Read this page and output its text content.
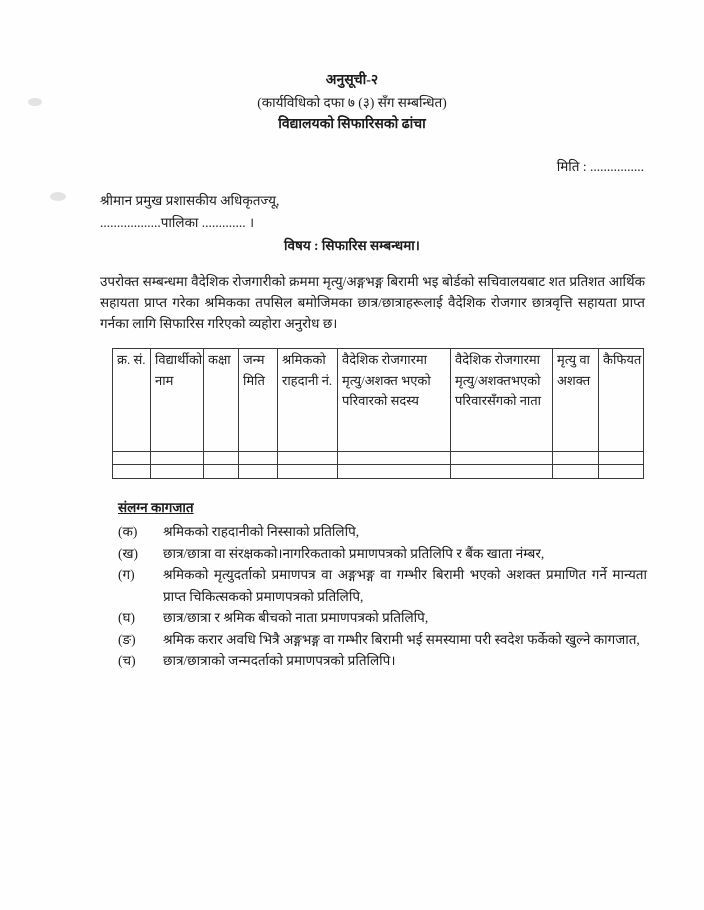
अनुसूची-२
(कार्यविधिको दफा ७ (३) सँग सम्बन्धित)
विद्यालयको सिफारिसको ढांचा
मिति : ................
श्रीमान प्रमुख प्रशासकीय अधिकृतज्यू,
..................पालिका ............. ।
विषय : सिफारिस सम्बन्धमा।
उपरोक्त सम्बन्धमा वैदेशिक रोजगारीको क्रममा मृत्यु/अङ्गभङ्ग बिरामी भइ बोर्डको सचिवालयबाट शत प्रतिशत आर्थिक सहायता प्राप्त गरेका श्रमिकका तपसिल बमोजिमका छात्र/छात्राहरूलाई वैदेशिक रोजगार छात्रवृत्ति सहायता प्राप्त गर्नका लागि सिफारिस गरिएको व्यहोरा अनुरोध छ।
क्र. सं.	विद्यार्थीको नाम	कक्षा	जन्म मिति	श्रमिकको राहदानी नं.	वैदेशिक रोजगारमा मृत्यु/अशक्त भएको परिवारको सदस्य	वैदेशिक रोजगारमा मृत्यु/अशक्तभएको परिवारसँगको नाता	मृत्यु वा अशक्त	कैफियत

संलग्न कागजात
(क)	श्रमिकको राहदानीको निस्साको प्रतिलिपि,
(ख)	छात्र/छात्रा वा संरक्षकको।नागरिकताको प्रमाणपत्रको प्रतिलिपि र बैंक खाता नंम्बर,
(ग)	श्रमिकको मृत्युदर्ताको प्रमाणपत्र वा अङ्गभङ्ग वा गम्भीर बिरामी भएको अशक्त प्रमाणित गर्ने मान्यता प्राप्त चिकित्सकको प्रमाणपत्रको प्रतिलिपि,
(घ)	छात्र/छात्रा र श्रमिक बीचको नाता प्रमाणपत्रको प्रतिलिपि,
(ङ)	श्रमिक करार अवधि भित्रै अङ्गभङ्ग वा गम्भीर बिरामी भई समस्यामा परी स्वदेश फर्केको खुल्ने कागजात,
(च)	छात्र/छात्राको जन्मदर्ताको प्रमाणपत्रको प्रतिलिपि।
